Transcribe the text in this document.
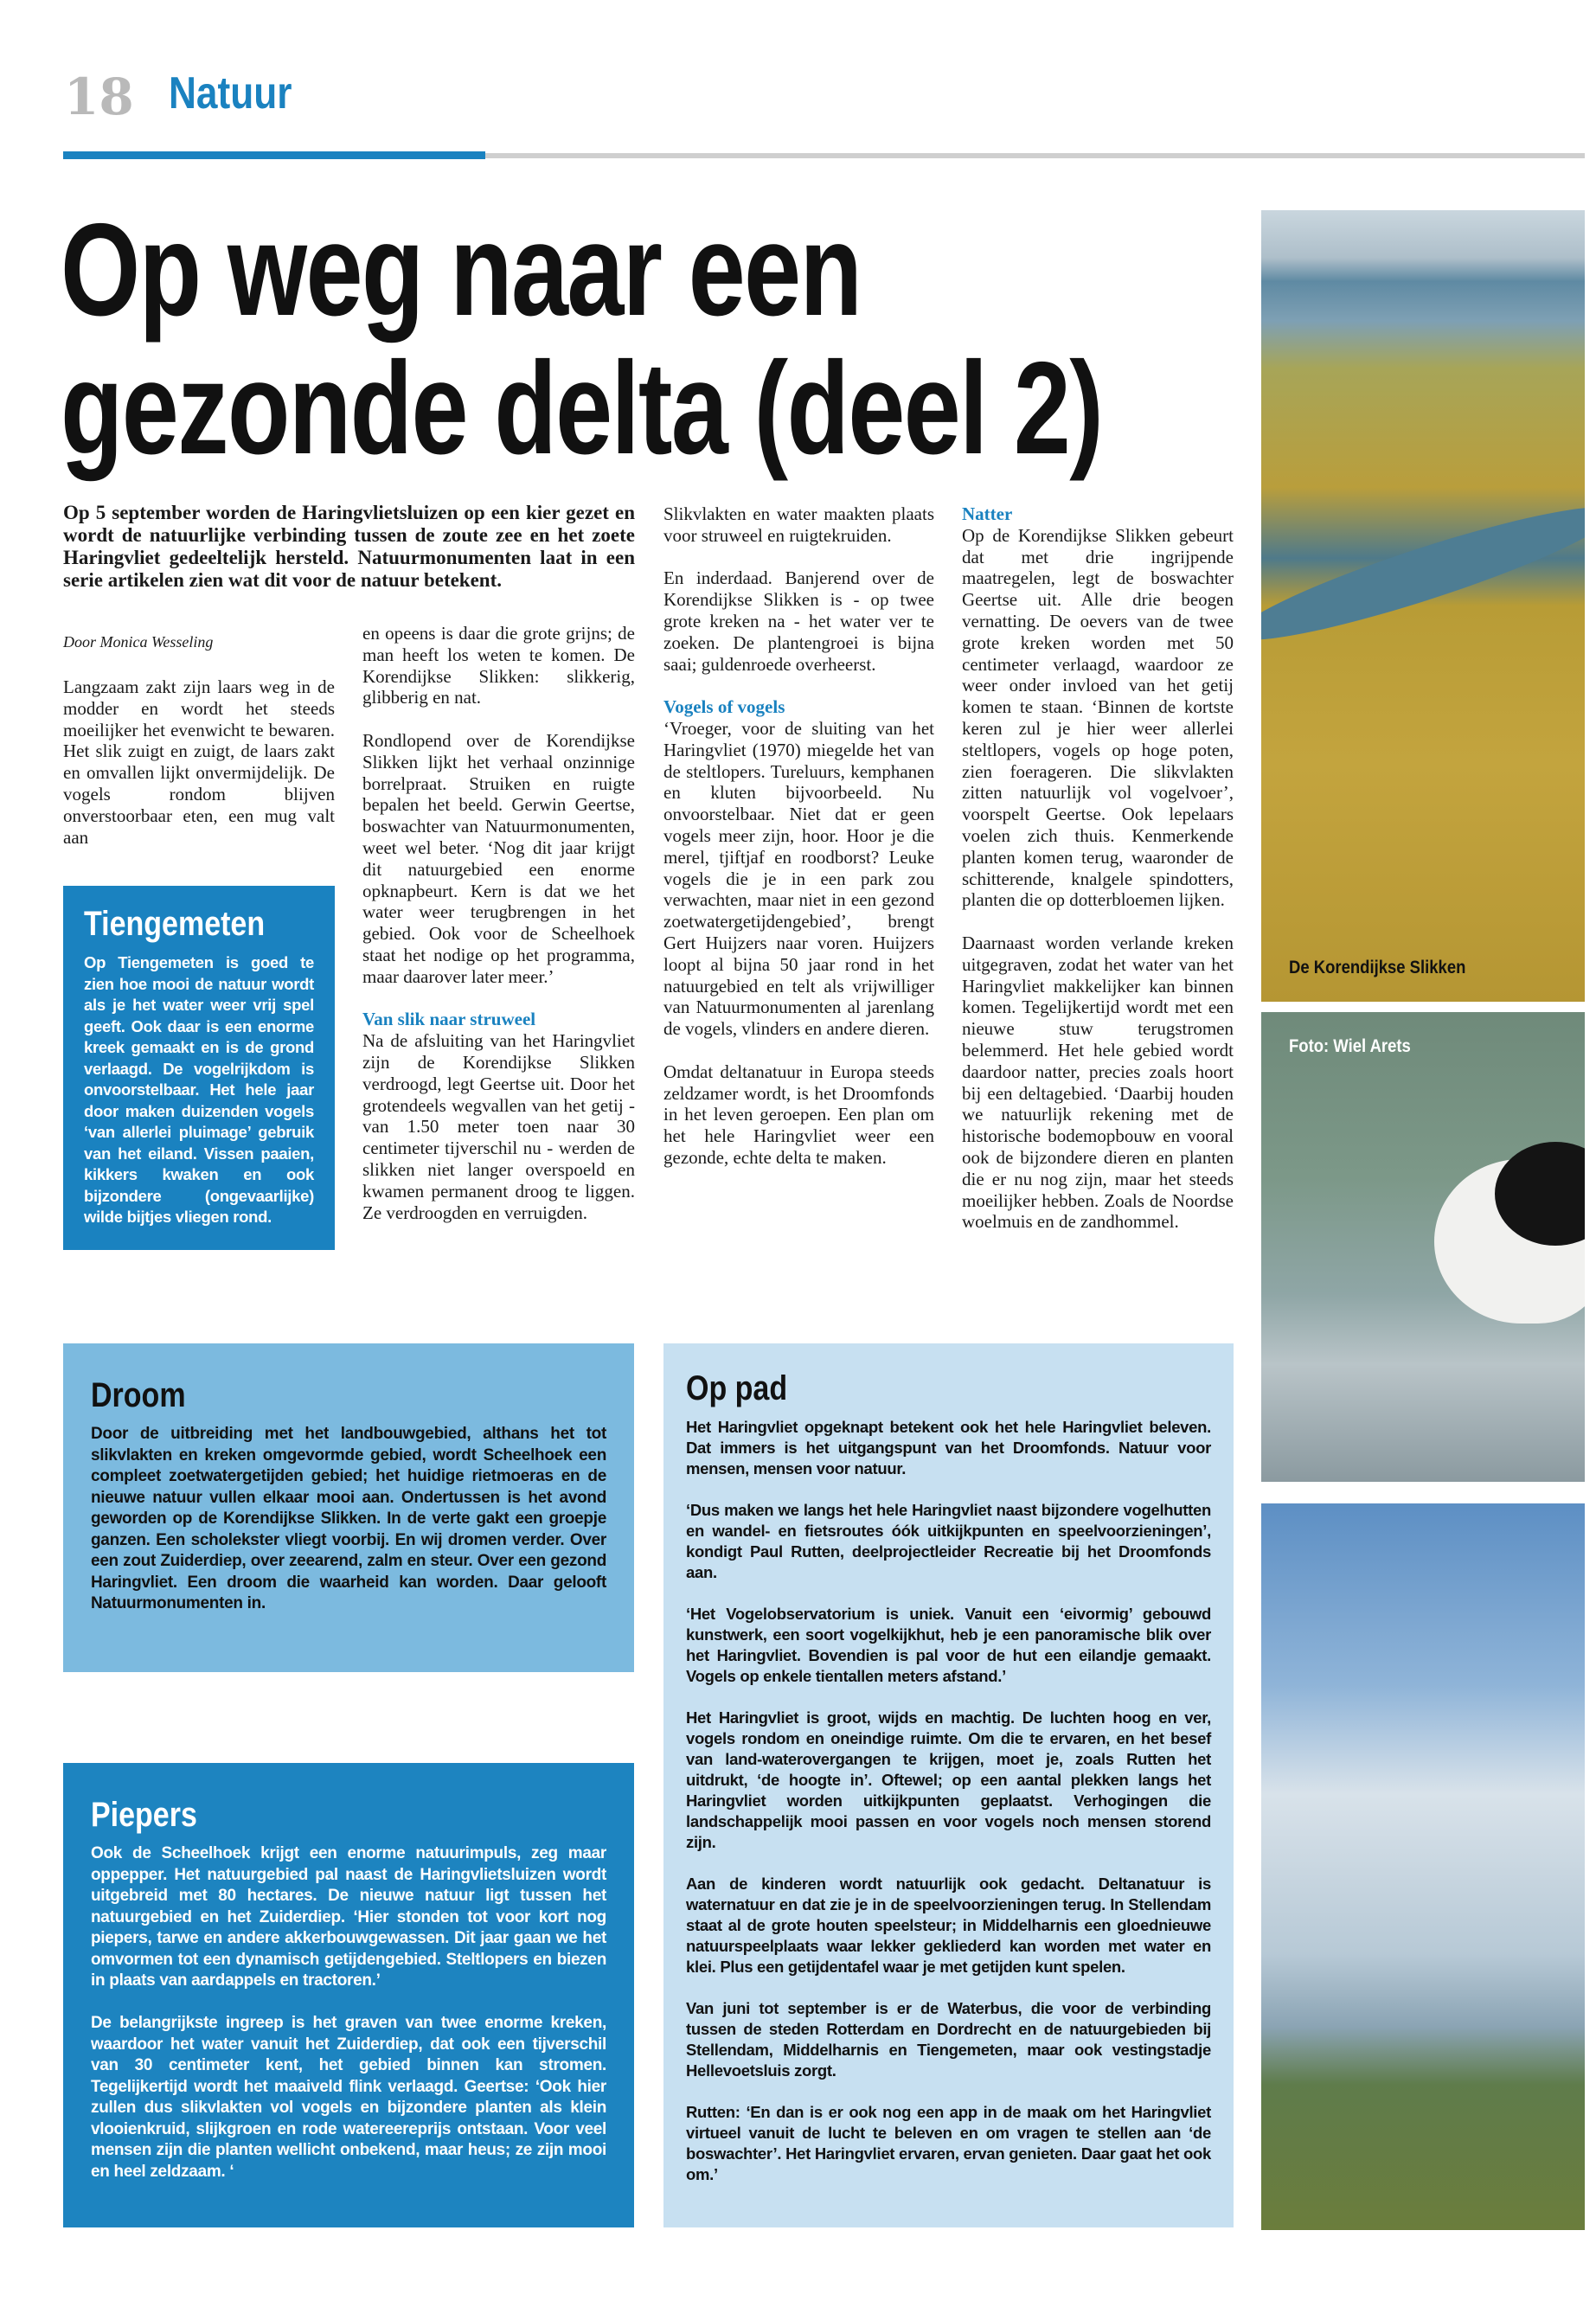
18 Natuur
Op weg naar een gezonde delta (deel 2)
Op 5 september worden de Haringvlietsluizen op een kier gezet en wordt de natuurlijke verbinding tussen de zoute zee en het zoete Haringvliet gedeeltelijk hersteld. Natuurmonumenten laat in een serie artikelen zien wat dit voor de natuur betekent.
Door Monica Wesseling

Langzaam zakt zijn laars weg in de modder en wordt het steeds moeilijker het evenwicht te bewaren. Het slik zuigt en zuigt, de laars zakt en omvallen lijkt onvermijdelijk. De vogels rondom blijven onverstoorbaar eten, een mug valt aan

en opeens is daar die grote grijns; de man heeft los weten te komen. De Korendijkse Slikken: slikkerig, glibberig en nat.

Rondlopend over de Korendijkse Slikken lijkt het verhaal onzinnige borrelpraat. Struiken en ruigte bepalen het beeld. Gerwin Geertse, boswachter van Natuurmonumenten, weet wel beter. ‘Nog dit jaar krijgt dit natuurgebied een enorme opknapbeurt. Kern is dat we het water weer terugbrengen in het gebied. Ook voor de Scheelhoek staat het nodige op het programma, maar daarover later meer.’

Van slik naar struweel

Na de afsluiting van het Haringvliet zijn de Korendijkse Slikken verdroogd, legt Geertse uit. Door het grotendeels wegvallen van het getij - van 1.50 meter toen naar 30 centimeter tijverschil nu - werden de slikken niet langer overspoeld en kwamen permanent droog te liggen. Ze verdroogden en verruigden.

Slikvlakten en water maakten plaats voor struweel en ruigtekruiden.

En inderdaad. Banjerend over de Korendijkse Slikken is - op twee grote kreken na - het water ver te zoeken. De plantengroei is bijna saai; guldenroede overheerst.

Vogels of vogels

‘Vroeger, voor de sluiting van het Haringvliet (1970) miegelde het van de steltlopers. Tureluurs, kemphanen en kluten bijvoorbeeld. Nu onvoorstelbaar. Niet dat er geen vogels meer zijn, hoor. Hoor je die merel, tjiftjaf en roodborst? Leuke vogels die je in een park zou verwachten, maar niet in een gezond zoetwatergetijdengebied’, brengt Gert Huijzers naar voren. Huijzers loopt al bijna 50 jaar rond in het natuurgebied en telt als vrijwilliger van Natuurmonumenten al jarenlang de vogels, vlinders en andere dieren.

Omdat deltanatuur in Europa steeds zeldzamer wordt, is het Droomfonds in het leven geroepen. Een plan om het hele Haringvliet weer een gezonde, echte delta te maken.

Natter

Op de Korendijkse Slikken gebeurt dat met drie ingrijpende maatregelen, legt de boswachter Geertse uit. Alle drie beogen vernatting. De oevers van de twee grote kreken worden met 50 centimeter verlaagd, waardoor ze weer onder invloed van het getij komen te staan. ‘Binnen de kortste keren zul je hier weer allerlei steltlopers, vogels op hoge poten, zien foerageren. Die slikvlakten zitten natuurlijk vol vogelvoer’, voorspelt Geertse. Ook lepelaars voelen zich thuis. Kenmerkende planten komen terug, waaronder de schitterende, knalgele spindotters, planten die op dotterbloemen lijken.

Daarnaast worden verlande kreken uitgegraven, zodat het water van het Haringvliet makkelijker kan binnen komen. Tegelijkertijd wordt met een nieuwe stuw terugstromen belemmerd. Het hele gebied wordt daardoor natter, precies zoals hoort bij een deltagebied. ‘Daarbij houden we natuurlijk rekening met de historische bodemopbouw en vooral ook de bijzondere dieren en planten die er nu nog zijn, maar het steeds moeilijker hebben. Zoals de Noordse woelmuis en de zandhommel.

Tiengemeten

Op Tiengemeten is goed te zien hoe mooi de natuur wordt als je het water weer vrij spel geeft. Ook daar is een enorme kreek gemaakt en is de grond verlaagd. De vogelrijkdom is onvoorstelbaar. Het hele jaar door maken duizenden vogels ‘van allerlei pluimage’ gebruik van het eiland. Vissen paaien, kikkers kwaken en ook bijzondere (ongevaarlijke) wilde bijtjes vliegen rond.

Droom

Door de uitbreiding met het landbouwgebied, althans het tot slikvlakten en kreken omgevormde gebied, wordt Scheelhoek een compleet zoetwatergetijden gebied; het huidige rietmoeras en de nieuwe natuur vullen elkaar mooi aan. Ondertussen is het avond geworden op de Korendijkse Slikken. In de verte gakt een groepje ganzen. Een scholekster vliegt voorbij. En wij dromen verder. Over een zout Zuiderdiep, over zeearend, zalm en steur. Over een gezond Haringvliet. Een droom die waarheid kan worden. Daar gelooft Natuurmonumenten in.

Piepers

Ook de Scheelhoek krijgt een enorme natuurimpuls, zeg maar oppepper. Het natuurgebied pal naast de Haringvlietsluizen wordt uitgebreid met 80 hectares. De nieuwe natuur ligt tussen het natuurgebied en het Zuiderdiep. ‘Hier stonden tot voor kort nog piepers, tarwe en andere akkerbouwgewassen. Dit jaar gaan we het omvormen tot een dynamisch getijdengebied. Steltlopers en biezen in plaats van aardappels en tractoren.’

De belangrijkste ingreep is het graven van twee enorme kreken, waardoor het water vanuit het Zuiderdiep, dat ook een tijverschil van 30 centimeter kent, het gebied binnen kan stromen. Tegelijkertijd wordt het maaiveld flink verlaagd. Geertse: ‘Ook hier zullen dus slikvlakten vol vogels en bijzondere planten als klein vlooienkruid, slijkgroen en rode watereereprijs ontstaan. Voor veel mensen zijn die planten wellicht onbekend, maar heus; ze zijn mooi en heel zeldzaam. ‘

Op pad

Het Haringvliet opgeknapt betekent ook het hele Haringvliet beleven. Dat immers is het uitgangspunt van het Droomfonds. Natuur voor mensen, mensen voor natuur.

‘Dus maken we langs het hele Haringvliet naast bijzondere vogelhutten en wandel- en fietsroutes óók uitkijkpunten en speelvoorzieningen’, kondigt Paul Rutten, deelprojectleider Recreatie bij het Droomfonds aan.

‘Het Vogelobservatorium is uniek. Vanuit een ‘eivormig’ gebouwd kunstwerk, een soort vogelkijkhut, heb je een panoramische blik over het Haringvliet. Bovendien is pal voor de hut een eilandje gemaakt. Vogels op enkele tientallen meters afstand.’

Het Haringvliet is groot, wijds en machtig. De luchten hoog en ver, vogels rondom en oneindige ruimte. Om die te ervaren, en het besef van land-waterovergangen te krijgen, moet je, zoals Rutten het uitdrukt, ‘de hoogte in’. Oftewel; op een aantal plekken langs het Haringvliet worden uitkijkpunten geplaatst. Verhogingen die landschappelijk mooi passen en voor vogels noch mensen storend zijn.

Aan de kinderen wordt natuurlijk ook gedacht. Deltanatuur is waternatuur en dat zie je in de speelvoorzieningen terug. In Stellendam staat al de grote houten speelsteur; in Middelharnis een gloednieuwe natuurspeelplaats waar lekker gekliederd kan worden met water en klei. Plus een getijdentafel waar je met getijden kunt spelen.

Van juni tot september is er de Waterbus, die voor de verbinding tussen de steden Rotterdam en Dordrecht en de natuurgebieden bij Stellendam, Middelharnis en Tiengemeten, maar ook vestingstadje Hellevoetsluis zorgt.

Rutten: ‘En dan is er ook nog een app in de maak om het Haringvliet virtueel vanuit de lucht te beleven en om vragen te stellen aan ‘de boswachter’. Het Haringvliet ervaren, ervan genieten. Daar gaat het ook om.’

De Korendijkse Slikken
Foto: Wiel Arets
